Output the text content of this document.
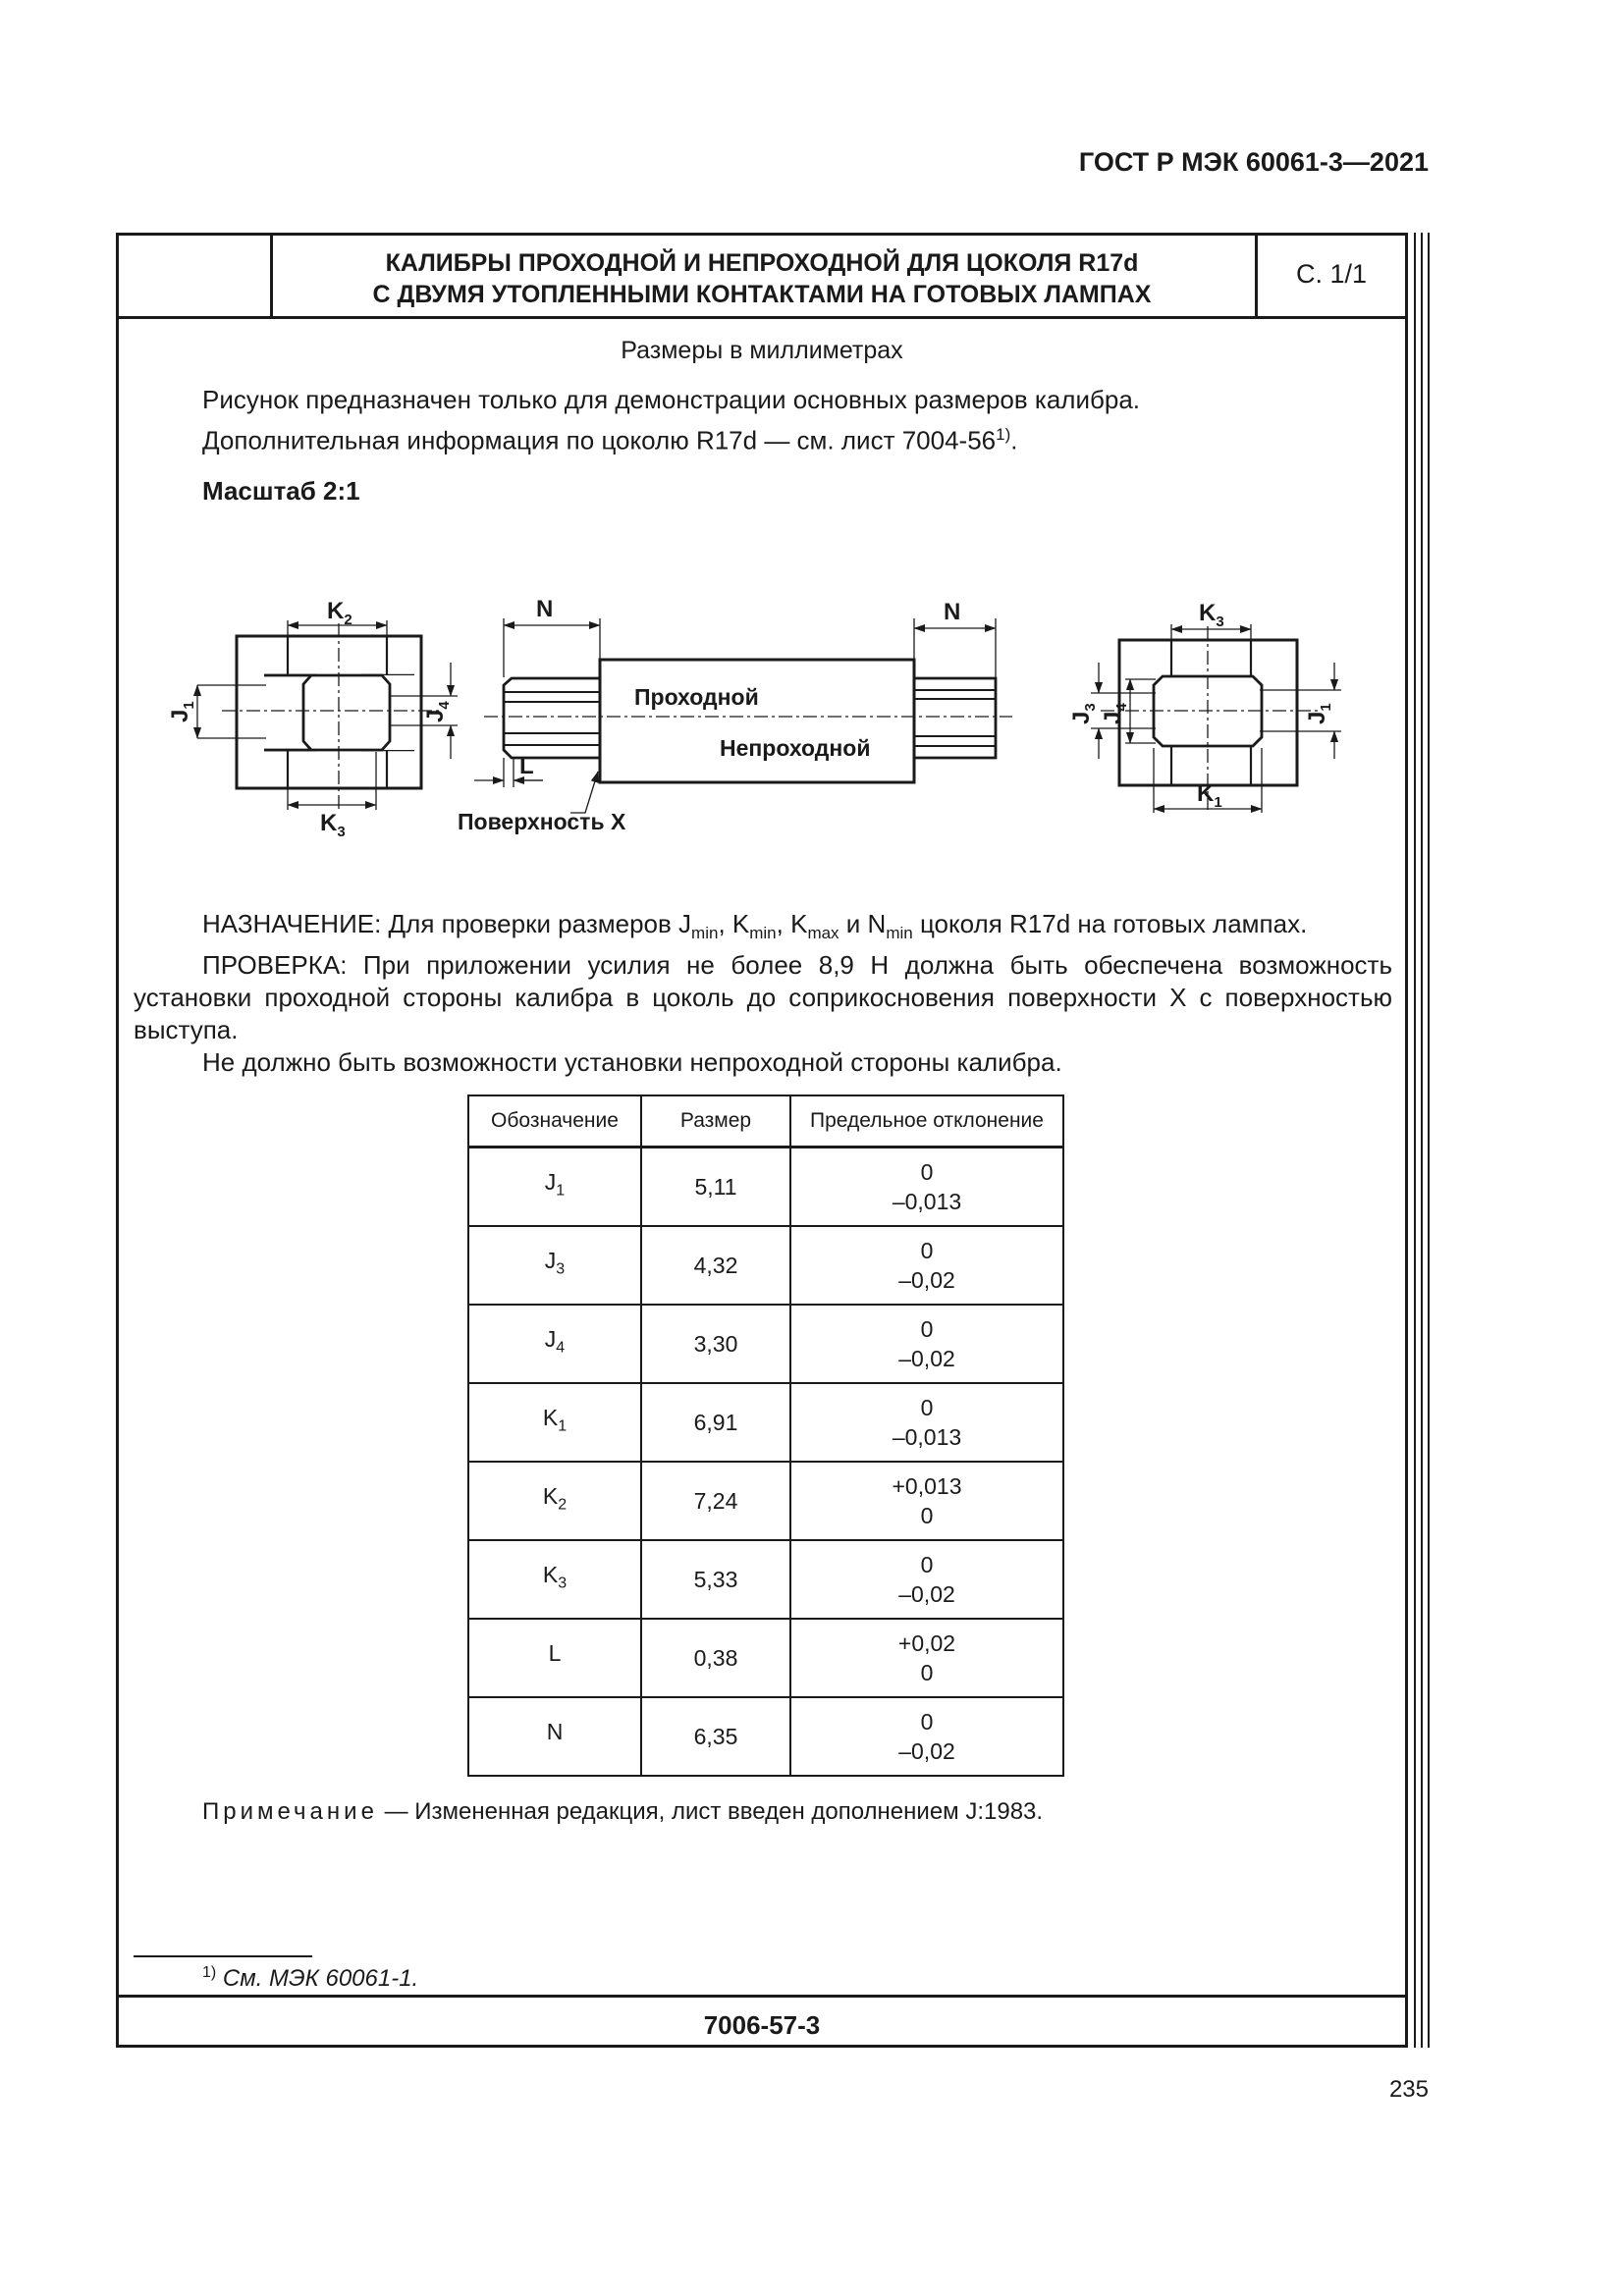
ГОСТ Р МЭК 60061-3—2021
КАЛИБРЫ ПРОХОДНОЙ И НЕПРОХОДНОЙ ДЛЯ ЦОКОЛЯ R17d
С ДВУМЯ УТОПЛЕННЫМИ КОНТАКТАМИ НА ГОТОВЫХ ЛАМПАХ
С. 1/1
Размеры в миллиметрах
Рисунок предназначен только для демонстрации основных размеров калибра.
Дополнительная информация по цоколю R17d — см. лист 7004-56$^{1)}$.
Масштаб 2:1
$K_2$
$K_3$
N	N
L
$K_3$
$K_1$
$J_1$
$J_4$
$J_3$
$J_4$
$J_1$
Проходной
Непроходной
Поверхность X

НАЗНАЧЕНИЕ: Для проверки размеров $J_{min}$, $K_{min}$, $K_{max}$ и $N_{min}$ цоколя R17d на готовых лампах.

ПРОВЕРКА: При приложении усилия не более 8,9 Н должна быть обеспечена возможность установки проходной стороны калибра в цоколь до соприкосновения поверхности X с поверхностью выступа.

Не должно быть возможности установки непроходной стороны калибра.

Обозначение	Размер	Предельное отклонение
$J_1$	5,11	0
–0,013

$J_3$	4,32	0
–0,02

$J_4$	3,30	0
–0,02

$K_1$	6,91	0
–0,013

$K_2$	7,24	+0,013
0

$K_3$	5,33	0
–0,02

L	0,38	+0,02
0

N	6,35	0
–0,02
Примечание — Измененная редакция, лист введен дополнением J:1983.
$^{1)}$ См. МЭК 60061-1.
7006-57-3
235
